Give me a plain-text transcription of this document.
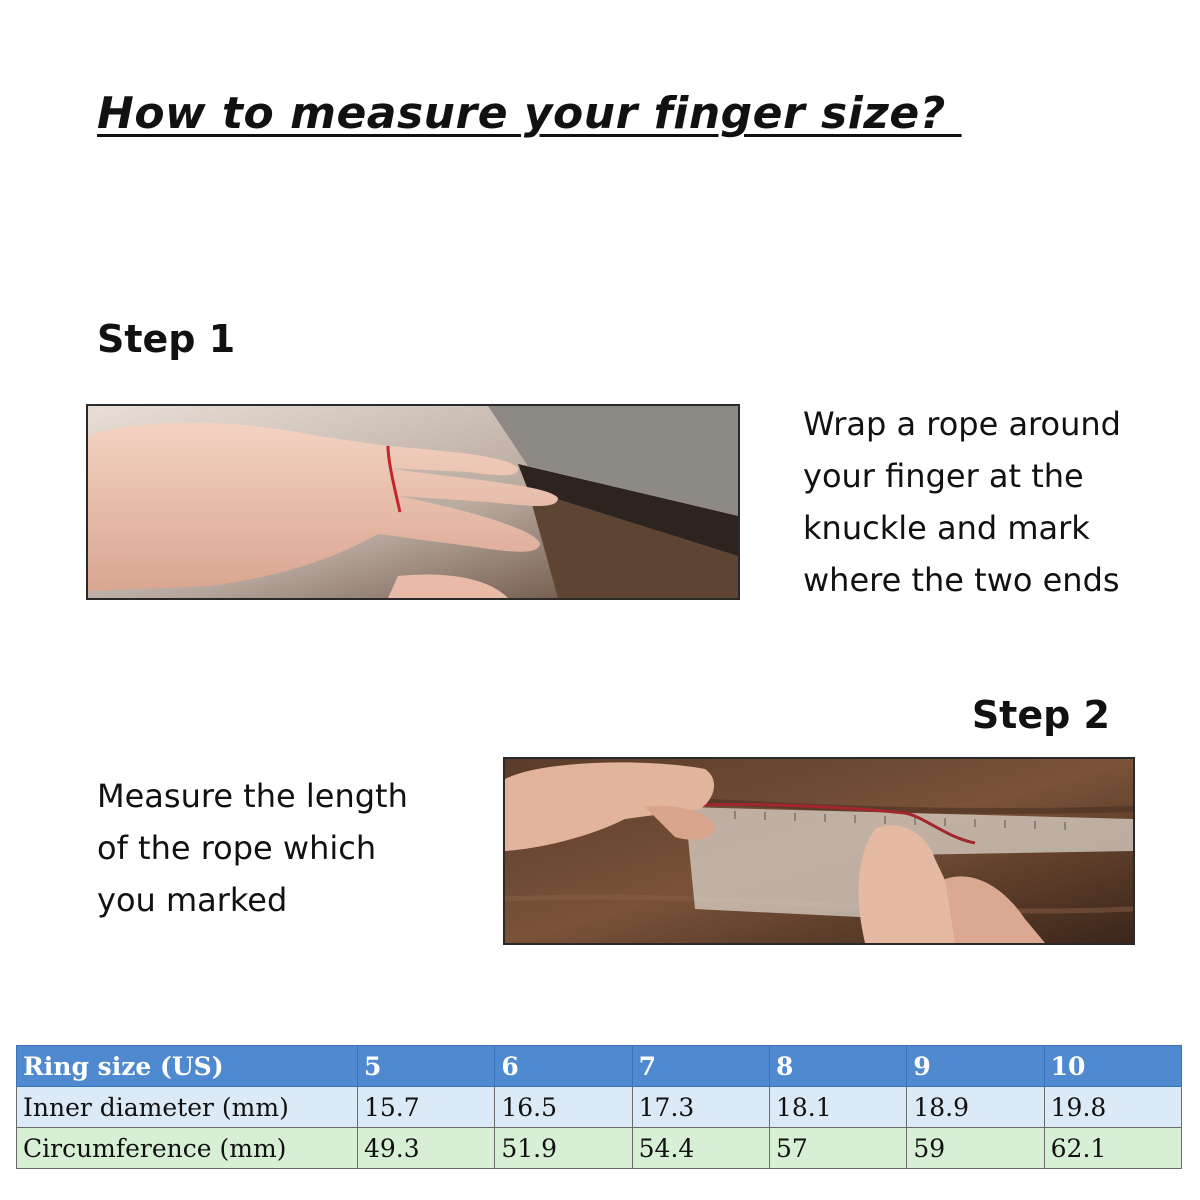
How to measure your finger size?
Step 1
Wrap a rope around
your finger at the
knuckle and mark
where the two ends
Step 2
Measure the length
of the rope which
you marked
Ring size (US)	5	6	7	8	9	10
Inner diameter (mm)	15.7	16.5	17.3	18.1	18.9	19.8
Circumference (mm)	49.3	51.9	54.4	57	59	62.1
